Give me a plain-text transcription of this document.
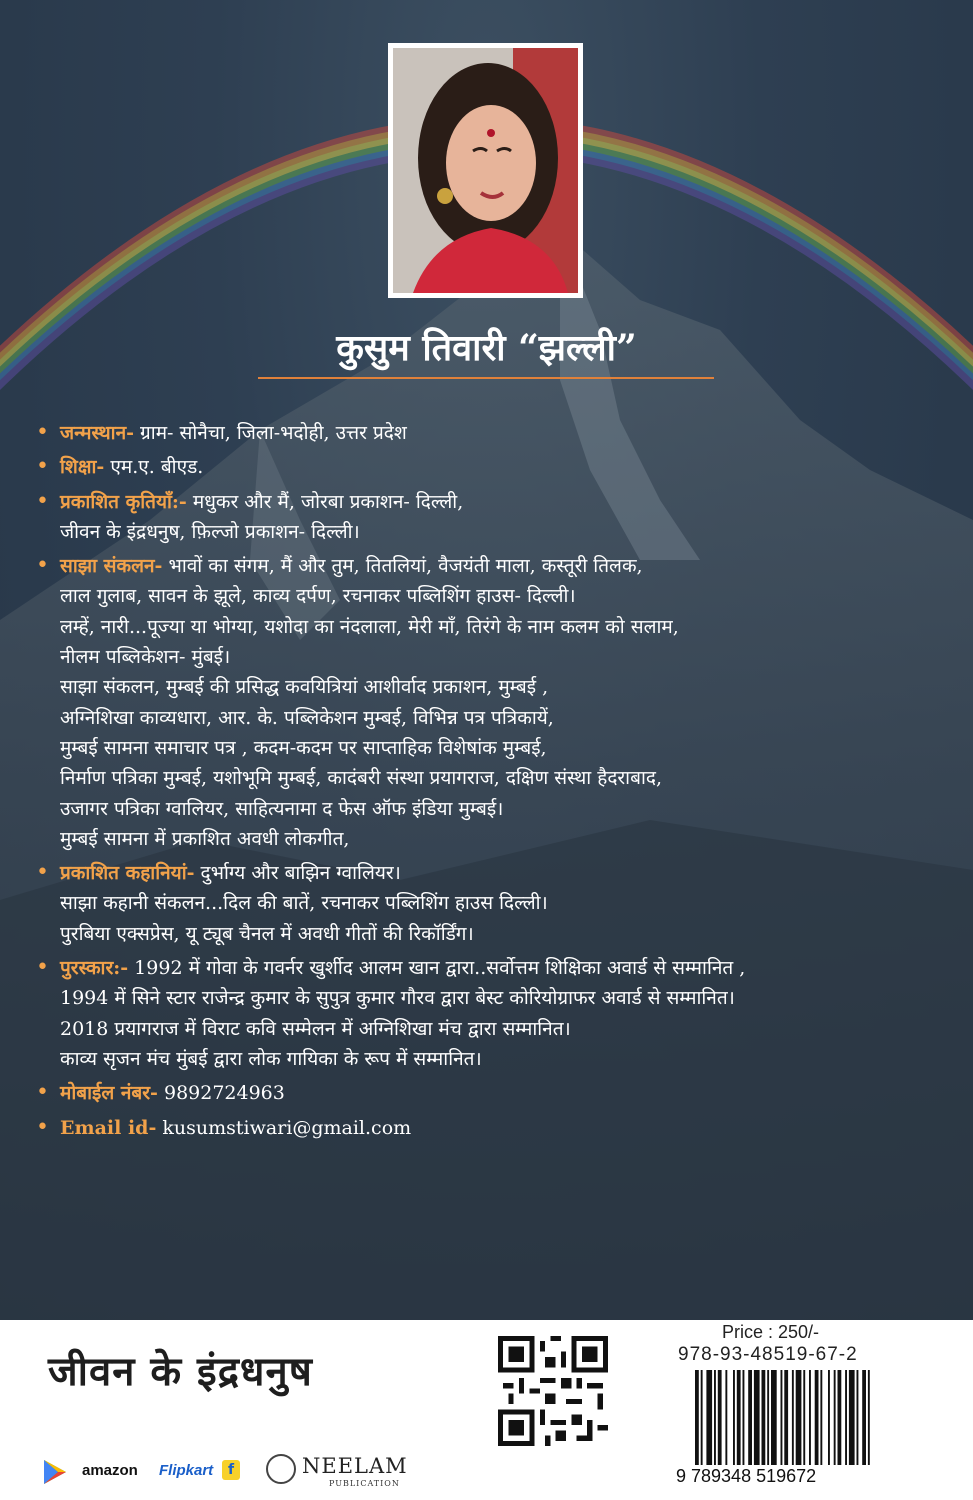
कुसुम तिवारी “झल्ली”
• जन्मस्थान- ग्राम- सोनैचा, जिला-भदोही, उत्तर प्रदेश
• शिक्षा- एम.ए. बीएड.
• प्रकाशित कृतियाँ:- मधुकर और मैं, जोरबा प्रकाशन- दिल्ली,
जीवन के इंद्रधनुष, फ़िल्जो प्रकाशन- दिल्ली।
• साझा संकलन- भावों का संगम, मैं और तुम, तितलियां, वैजयंती माला, कस्तूरी तिलक,
लाल गुलाब, सावन के झूले, काव्य दर्पण, रचनाकर पब्लिशिंग हाउस- दिल्ली।
लम्हें, नारी...पूज्या या भोग्या, यशोदा का नंदलाला, मेरी माँ, तिरंगे के नाम कलम को सलाम,
नीलम पब्लिकेशन- मुंबई।
साझा संकलन, मुम्बई की प्रसिद्ध कवयित्रियां आशीर्वाद प्रकाशन, मुम्बई ,
अग्निशिखा काव्यधारा, आर. के. पब्लिकेशन मुम्बई, विभिन्न पत्र पत्रिकायें,
मुम्बई सामना समाचार पत्र , कदम-कदम पर साप्ताहिक विशेषांक मुम्बई,
निर्माण पत्रिका मुम्बई, यशोभूमि मुम्बई, कादंबरी संस्था प्रयागराज, दक्षिण संस्था हैदराबाद,
उजागर पत्रिका ग्वालियर, साहित्यनामा द फेस ऑफ इंडिया मुम्बई।
मुम्बई सामना में प्रकाशित अवधी लोकगीत,
• प्रकाशित कहानियां- दुर्भाग्य और बाझिन ग्वालियर।
साझा कहानी संकलन...दिल की बातें, रचनाकर पब्लिशिंग हाउस दिल्ली।
पुरबिया एक्सप्रेस, यू ट्यूब चैनल में अवधी गीतों की रिकॉर्डिंग।
• पुरस्कार:- 1992 में गोवा के गवर्नर खुर्शीद आलम खान द्वारा..सर्वोत्तम शिक्षिका अवार्ड से सम्मानित ,
1994 में सिने स्टार राजेन्द्र कुमार के सुपुत्र कुमार गौरव द्वारा बेस्ट कोरियोग्राफर अवार्ड से सम्मानित।
2018 प्रयागराज में विराट कवि सम्मेलन में अग्निशिखा मंच द्वारा सम्मानित।
काव्य सृजन मंच मुंबई द्वारा लोक गायिका के रूप में सम्मानित।
• मोबाईल नंबर- 9892724963
• Email id- kusumstiwari@gmail.com
जीवन के इंद्रधनुष
amazon Flipkart	f	NEELAM
PUBLICATION
Price : 250/-
978-93-48519-67-2
9 789348 519672
